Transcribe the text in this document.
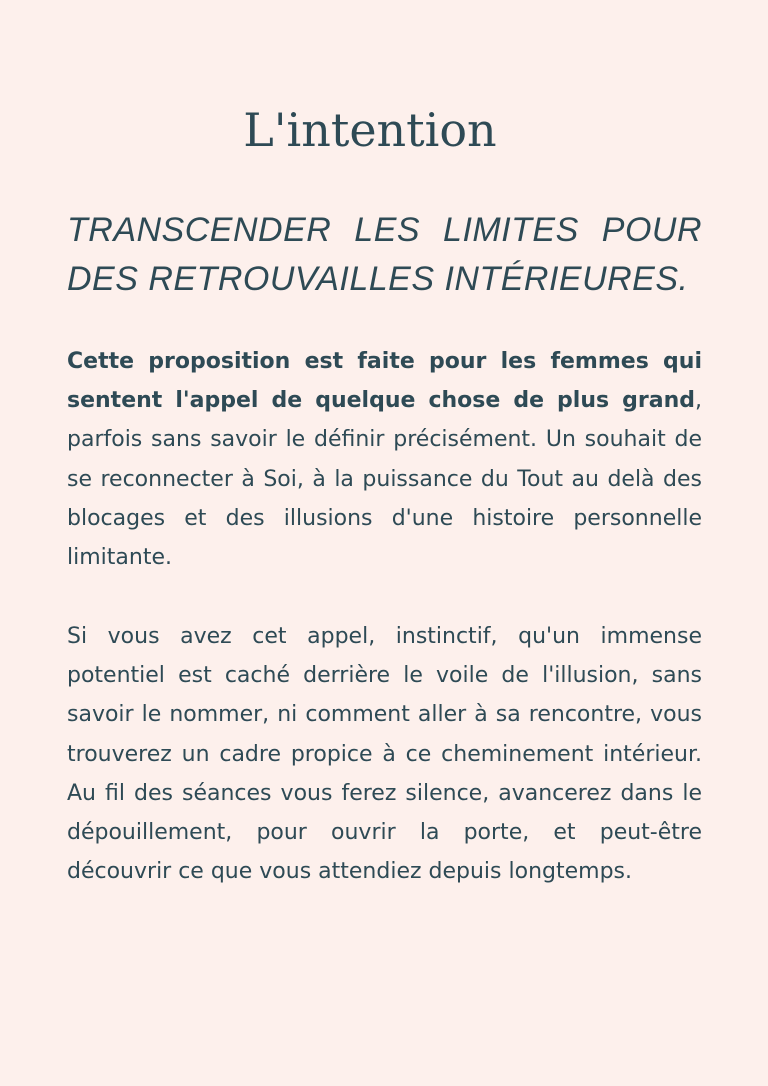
L'intention
TRANSCENDER LES LIMITES POUR DES RETROUVAILLES INTÉRIEURES.

Cette proposition est faite pour les femmes qui sentent l'appel de quelque chose de plus grand, parfois sans savoir le définir précisément. Un souhait de se reconnecter à Soi, à la puissance du Tout au delà des blocages et des illusions d'une histoire personnelle limitante.

Si vous avez cet appel, instinctif, qu'un immense potentiel est caché derrière le voile de l'illusion, sans savoir le nommer, ni comment aller à sa rencontre, vous trouverez un cadre propice à ce cheminement intérieur. Au fil des séances vous ferez silence, avancerez dans le dépouillement, pour ouvrir la porte, et peut-être découvrir ce que vous attendiez depuis longtemps.
